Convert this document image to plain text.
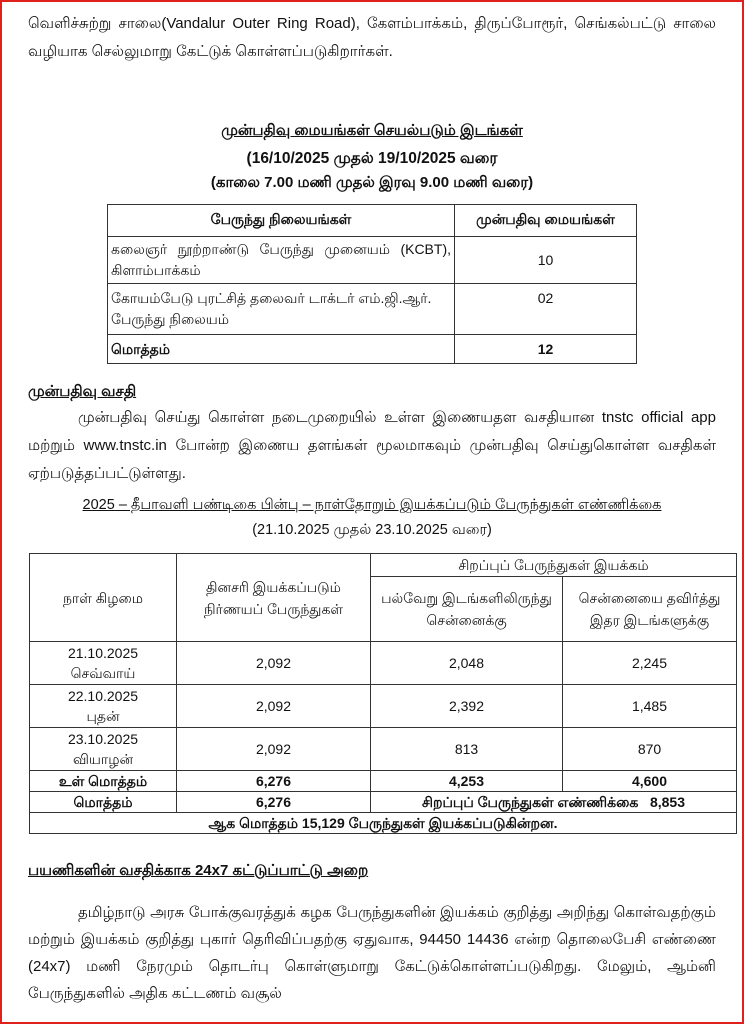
வெளிச்சுற்று சாலை(Vandalur Outer Ring Road), கேளம்பாக்கம், திருப்போரூர், செங்கல்பட்டு சாலை வழியாக செல்லுமாறு கேட்டுக் கொள்ளப்படுகிறார்கள்.

முன்பதிவு மையங்கள் செயல்படும் இடங்கள்
(16/10/2025 முதல் 19/10/2025 வரை
(காலை 7.00 மணி முதல் இரவு 9.00 மணி வரை)
பேருந்து நிலையங்கள்	முன்பதிவு மையங்கள்
கலைஞர் நூற்றாண்டு பேருந்து முனையம் (KCBT), கிளாம்பாக்கம்	10
கோயம்பேடு புரட்சித் தலைவர் டாக்டர் எம்.ஜி.ஆர். பேருந்து நிலையம்	02
மொத்தம்	12
முன்பதிவு வசதி

முன்பதிவு செய்து கொள்ள நடைமுறையில் உள்ள இணையதள வசதியான tnstc official app மற்றும் www.tnstc.in போன்ற இணைய தளங்கள் மூலமாகவும் முன்பதிவு செய்துகொள்ள வசதிகள் ஏற்படுத்தப்பட்டுள்ளது.

2025 – தீபாவளி பண்டிகை பின்பு – நாள்தோறும் இயக்கப்படும் பேருந்துகள் எண்ணிக்கை
(21.10.2025 முதல் 23.10.2025 வரை)
நாள் கிழமை	தினசரி இயக்கப்படும் நிர்ணயப் பேருந்துகள்	சிறப்புப் பேருந்துகள் இயக்கம்	
		பல்வேறு இடங்களிலிருந்து சென்னைக்கு	சென்னையை தவிர்த்து இதர இடங்களுக்கு
21.10.2025
செவ்வாய்	2,092	2,048	2,245
22.10.2025
புதன்	2,092	2,392	1,485
23.10.2025
வியாழன்	2,092	813	870
உள் மொத்தம்	6,276	4,253	4,600
மொத்தம்	6,276	சிறப்புப் பேருந்துகள் எண்ணிக்கை 8,853	
ஆக மொத்தம் 15,129 பேருந்துகள் இயக்கப்படுகின்றன.			
பயணிகளின் வசதிக்காக 24x7 கட்டுப்பாட்டு அறை

தமிழ்நாடு அரசு போக்குவரத்துக் கழக பேருந்துகளின் இயக்கம் குறித்து அறிந்து கொள்வதற்கும் மற்றும் இயக்கம் குறித்து புகார் தெரிவிப்பதற்கு ஏதுவாக, 94450 14436 என்ற தொலைபேசி எண்ணை (24x7) மணி நேரமும் தொடர்பு கொள்ளுமாறு கேட்டுக்கொள்ளப்படுகிறது. மேலும், ஆம்னி பேருந்துகளில் அதிக கட்டணம் வசூல்
